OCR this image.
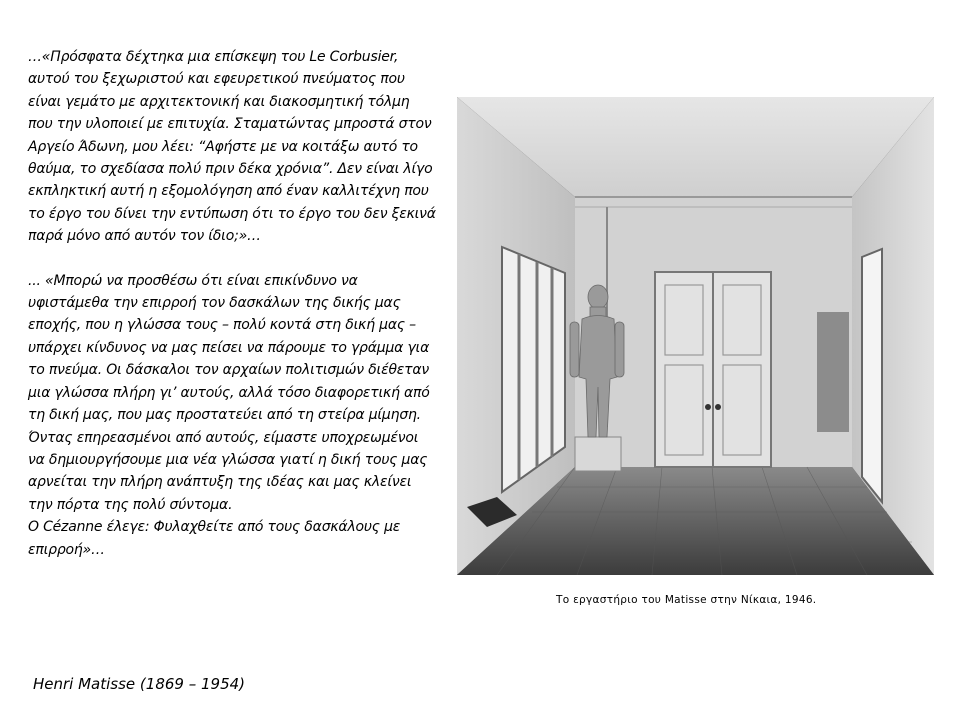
…«Πρόσφατα δέχτηκα μια επίσκεψη του Le Corbusier, αυτού του ξεχωριστού και εφευρετικού πνεύματος που είναι γεμάτο με αρχιτεκτονική και διακοσμητική τόλμη που την υλοποιεί με επιτυχία. Σταματώντας μπροστά στον Αργείο Άδωνη, μου λέει: “Αφήστε με να κοιτάξω αυτό το θαύμα, το σχεδίασα πολύ πριν δέκα χρόνια”. Δεν είναι λίγο εκπληκτική αυτή η εξομολόγηση από έναν καλλιτέχνη που το έργο του δίνει την εντύπωση ότι το έργο του δεν ξεκινά παρά μόνο από αυτόν τον ίδιο;»…

... «Μπορώ να προσθέσω ότι είναι επικίνδυνο να υφιστάμεθα την επιρροή τον δασκάλων της δικής μας εποχής, που η γλώσσα τους – πολύ κοντά στη δική μας – υπάρχει κίνδυνος να μας πείσει να πάρουμε το γράμμα για το πνεύμα. Οι δάσκαλοι τον αρχαίων πολιτισμών διέθεταν μια γλώσσα πλήρη γι’ αυτούς, αλλά τόσο διαφορετική από τη δική μας, που μας προστατεύει από τη στείρα μίμηση. Όντας επηρεασμένοι από αυτούς, είμαστε υποχρεωμένοι να δημιουργήσουμε μια νέα γλώσσα γιατί η δική τους μας αρνείται την πλήρη ανάπτυξη της ιδέας και μας κλείνει την πόρτα της πολύ σύντομα.

Ο Cézanne έλεγε: Φυλαχθείτε από τους δασκάλους με επιρροή»…

Henri Matisse (1869 – 1954)
Το εργαστήριο του Matisse στην Νίκαια, 1946.
